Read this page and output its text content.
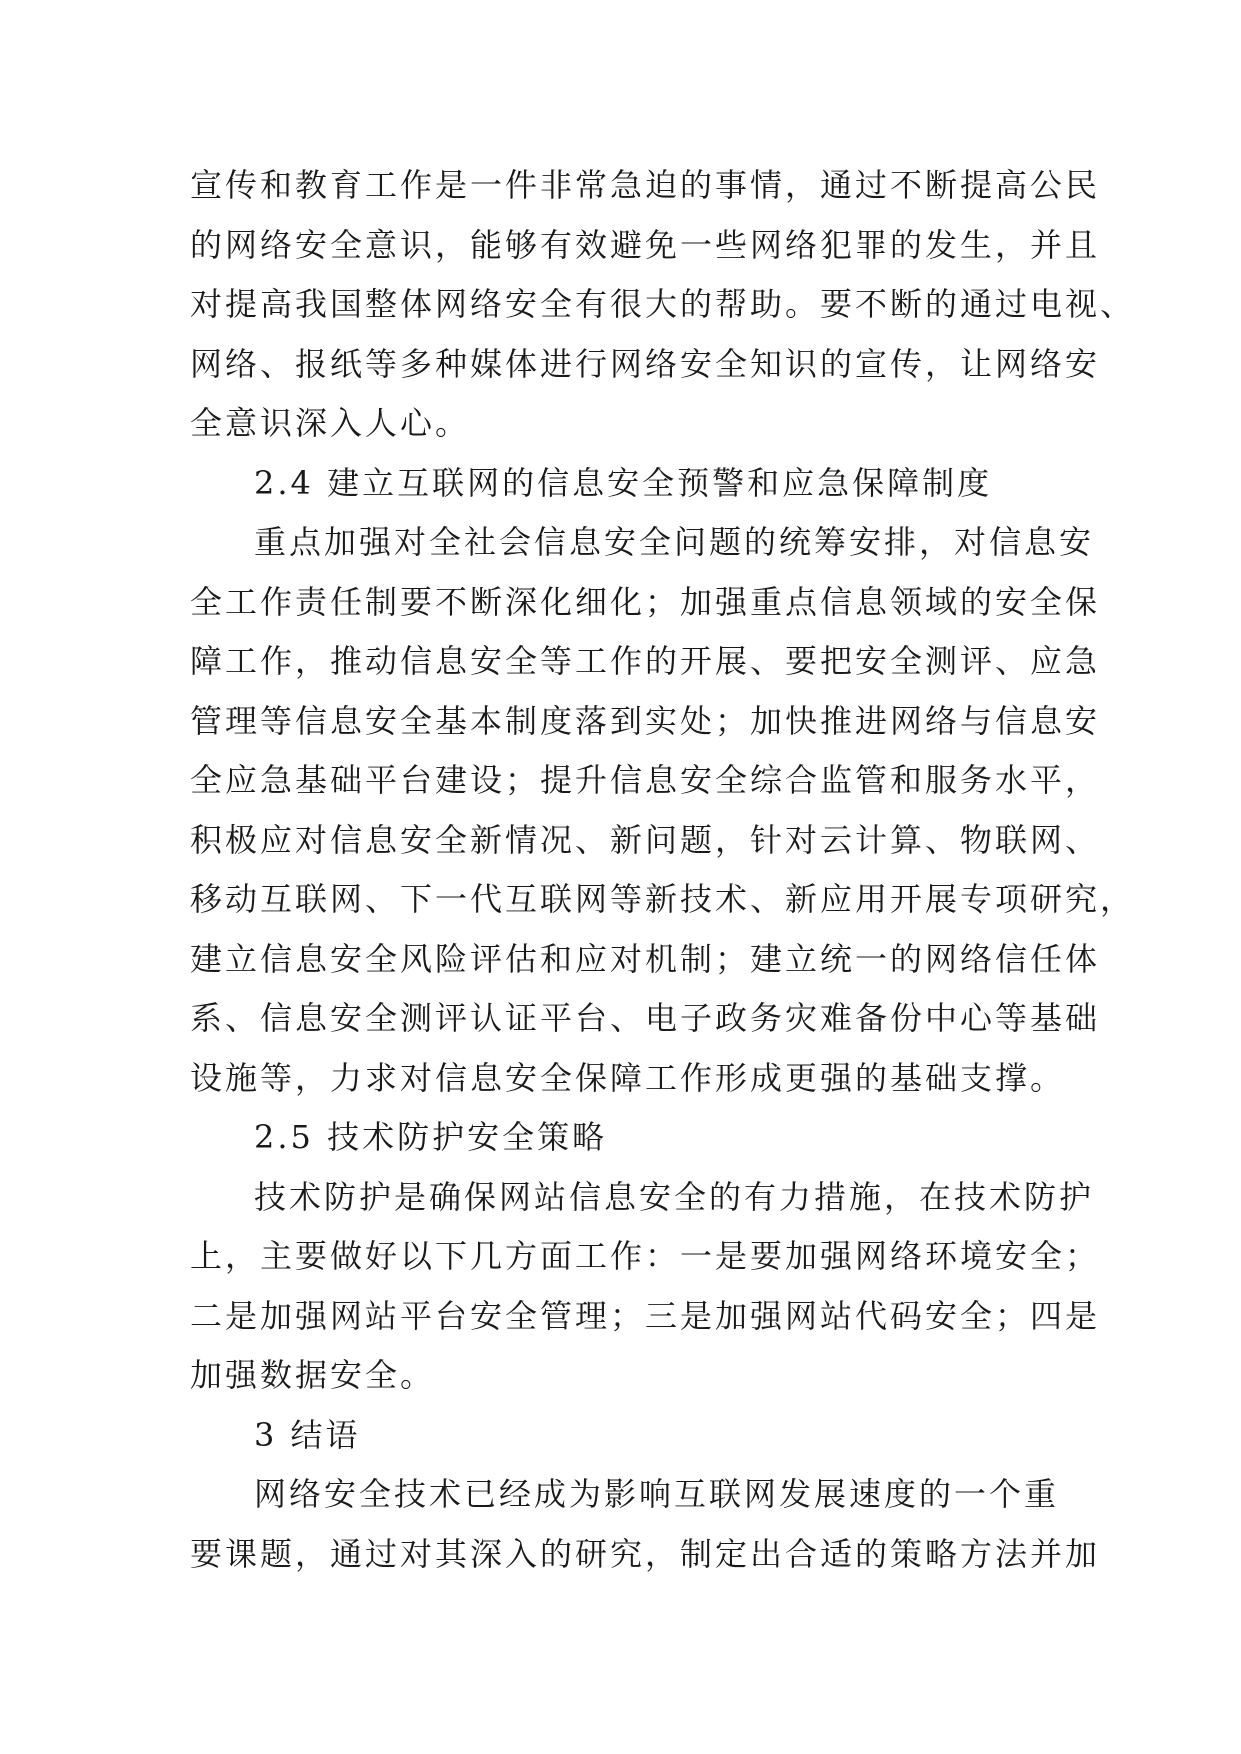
宣传和教育工作是一件非常急迫的事情，通过不断提高公民
的网络安全意识，能够有效避免一些网络犯罪的发生，并且
对提高我国整体网络安全有很大的帮助。要不断的通过电视、
网络、报纸等多种媒体进行网络安全知识的宣传，让网络安
全意识深入人心。
2.4 建立互联网的信息安全预警和应急保障制度
重点加强对全社会信息安全问题的统筹安排，对信息安
全工作责任制要不断深化细化；加强重点信息领域的安全保
障工作，推动信息安全等工作的开展、要把安全测评、应急
管理等信息安全基本制度落到实处；加快推进网络与信息安
全应急基础平台建设；提升信息安全综合监管和服务水平，
积极应对信息安全新情况、新问题，针对云计算、物联网、
移动互联网、下一代互联网等新技术、新应用开展专项研究，
建立信息安全风险评估和应对机制；建立统一的网络信任体
系、信息安全测评认证平台、电子政务灾难备份中心等基础
设施等，力求对信息安全保障工作形成更强的基础支撑。
2.5 技术防护安全策略
技术防护是确保网站信息安全的有力措施，在技术防护
上，主要做好以下几方面工作：一是要加强网络环境安全；
二是加强网站平台安全管理；三是加强网站代码安全；四是
加强数据安全。
3 结语
网络安全技术已经成为影响互联网发展速度的一个重
要课题，通过对其深入的研究，制定出合适的策略方法并加
